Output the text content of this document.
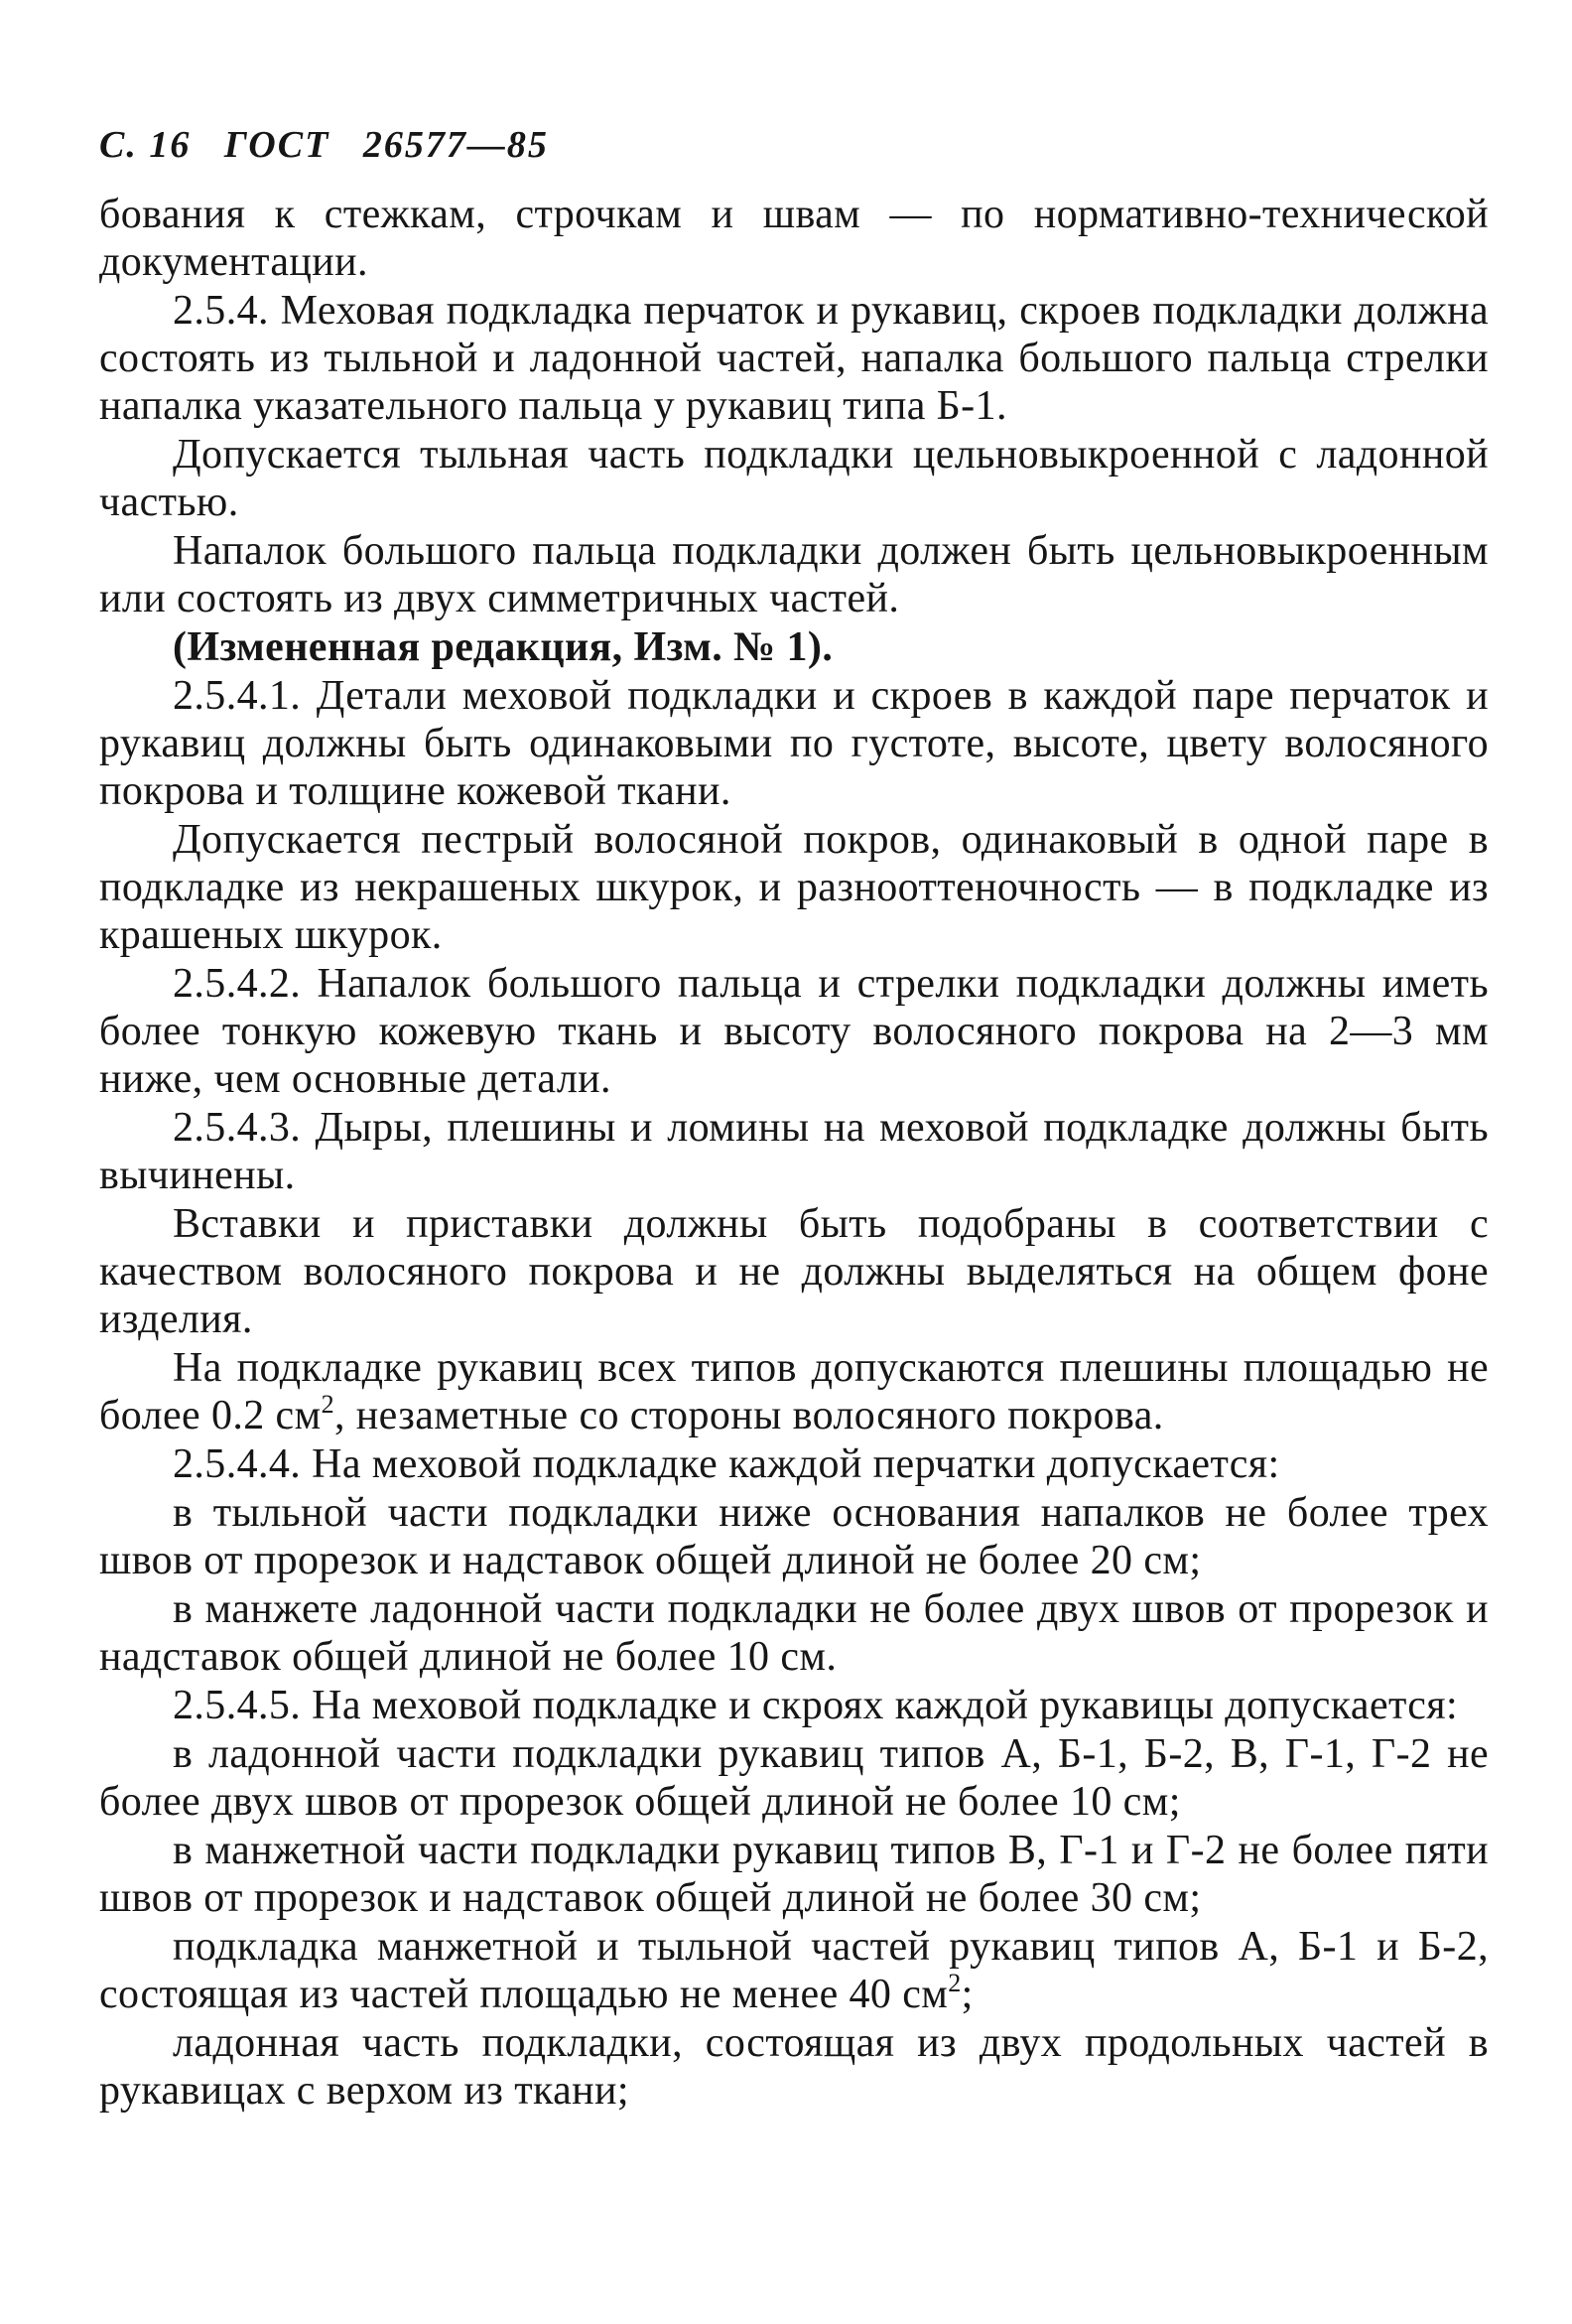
С. 16 ГОСТ 26577—85
бования к стежкам, строчкам и швам — по нормативно-технической документации.
2.5.4. Меховая подкладка перчаток и рукавиц, скроев подкладки должна состоять из тыльной и ладонной частей, напалка большого пальца стрелки напалка указательного пальца у рукавиц типа Б-1.
Допускается тыльная часть подкладки цельновыкроенной с ладонной частью.
Напалок большого пальца подкладки должен быть цельновыкроенным или состоять из двух симметричных частей.
(Измененная редакция, Изм. № 1).
2.5.4.1. Детали меховой подкладки и скроев в каждой паре перчаток и рукавиц должны быть одинаковыми по густоте, высоте, цвету волосяного покрова и толщине кожевой ткани.
Допускается пестрый волосяной покров, одинаковый в одной паре в подкладке из некрашеных шкурок, и разнооттеночность — в подкладке из крашеных шкурок.
2.5.4.2. Напалок большого пальца и стрелки подкладки должны иметь более тонкую кожевую ткань и высоту волосяного покрова на 2—3 мм ниже, чем основные детали.
2.5.4.3. Дыры, плешины и ломины на меховой подкладке должны быть вычинены.
Вставки и приставки должны быть подобраны в соответствии с качеством волосяного покрова и не должны выделяться на общем фоне изделия.
На подкладке рукавиц всех типов допускаются плешины площадью не более 0.2 $см^2$, незаметные со стороны волосяного покрова.
2.5.4.4. На меховой подкладке каждой перчатки допускается:
в тыльной части подкладки ниже основания напалков не более трех швов от прорезок и надставок общей длиной не более 20 см;
в манжете ладонной части подкладки не более двух швов от прорезок и надставок общей длиной не более 10 см.
2.5.4.5. На меховой подкладке и скроях каждой рукавицы допускается:
в ладонной части подкладки рукавиц типов А, Б-1, Б-2, В, Г-1, Г-2 не более двух швов от прорезок общей длиной не более 10 см;
в манжетной части подкладки рукавиц типов В, Г-1 и Г-2 не более пяти швов от прорезок и надставок общей длиной не более 30 см;
подкладка манжетной и тыльной частей рукавиц типов А, Б-1 и Б-2, состоящая из частей площадью не менее 40 $см^2$;
ладонная часть подкладки, состоящая из двух продольных частей в рукавицах с верхом из ткани;
